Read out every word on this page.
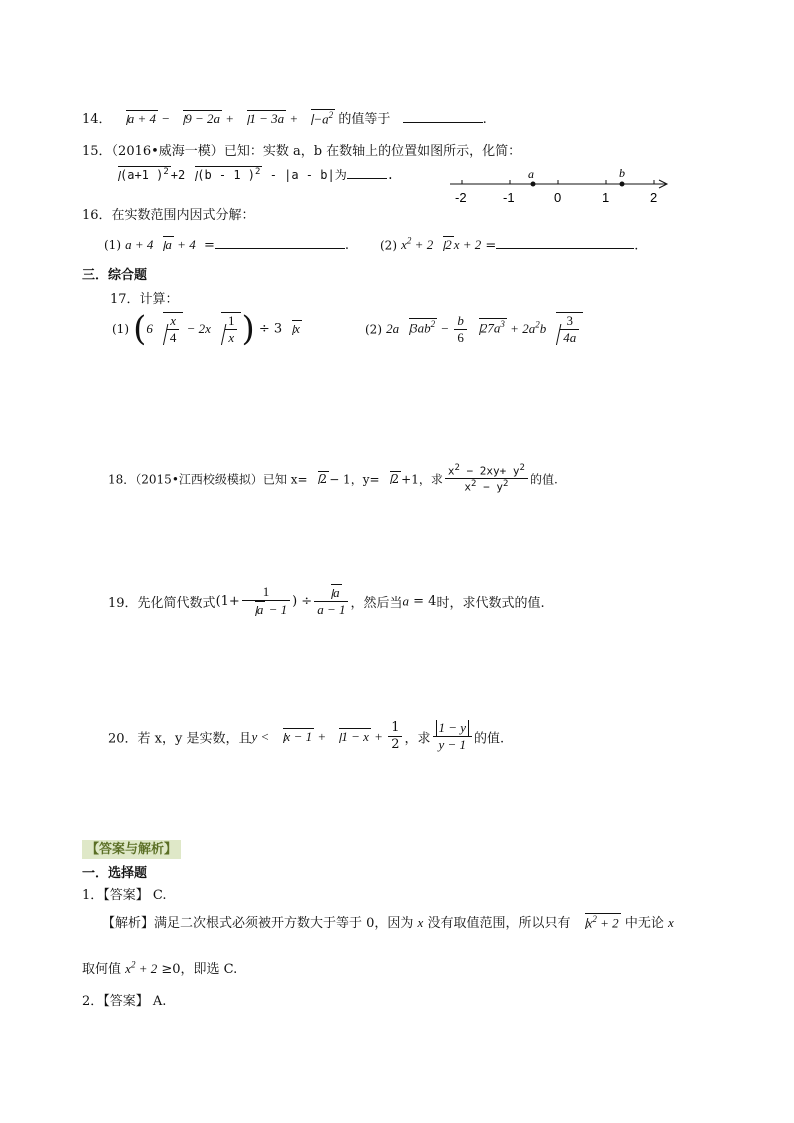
14． $a + 4 - 9 - 2a + 1 - 3a + -a^2$ 的值等于	.
15．（2016•威海一模）已知：实数 a，b 在数轴上的位置如图所示，化简：
(a+1 )$^2$ +2 (b - 1 )$^2$ - |a - b|为	.	a	b
-2	-1	0	1	2
16．在实数范围内因式分解：
(1) a + 4 a + 4 =	.	(2) $x^2 + 2$ 2 x + 2 =	.
三．综合题
17．计算：
(1) ($6 \frac{x}{4} - 2x \frac{1}{x}$ ) ÷ 3 x	(2) 2a $3ab^2 - \frac{b}{6} 27a^3 + 2a^2b \frac{3}{4a}$
18．（2015•江西校级模拟）已知 x= 2 − 1，y= 2 +1，求 $\frac{x^2 - 2xy+ y^2}{x^2 - y^2}$ 的值.
19．先化简代数式($1+ \frac{1}{a - 1}$ ) ÷ $\frac{a}{a - 1}$ ，然后当a = 4时，求代数式的值.
20．若 x，y 是实数，且$y < x - 1 + 1 - x + \frac{1}{2}$ ，求 $\frac{1 - y}{y - 1}$ 的值.
【答案与解析】
一．选择题
1．【答案】 C.
【解析】满足二次根式必须被开方数大于等于 0，因为 x 没有取值范围，所以只有 $x^2 + 2$ 中无论 x
取何值 $x^2 + 2 \ge 0$，即选 C.
2．【答案】 A.
